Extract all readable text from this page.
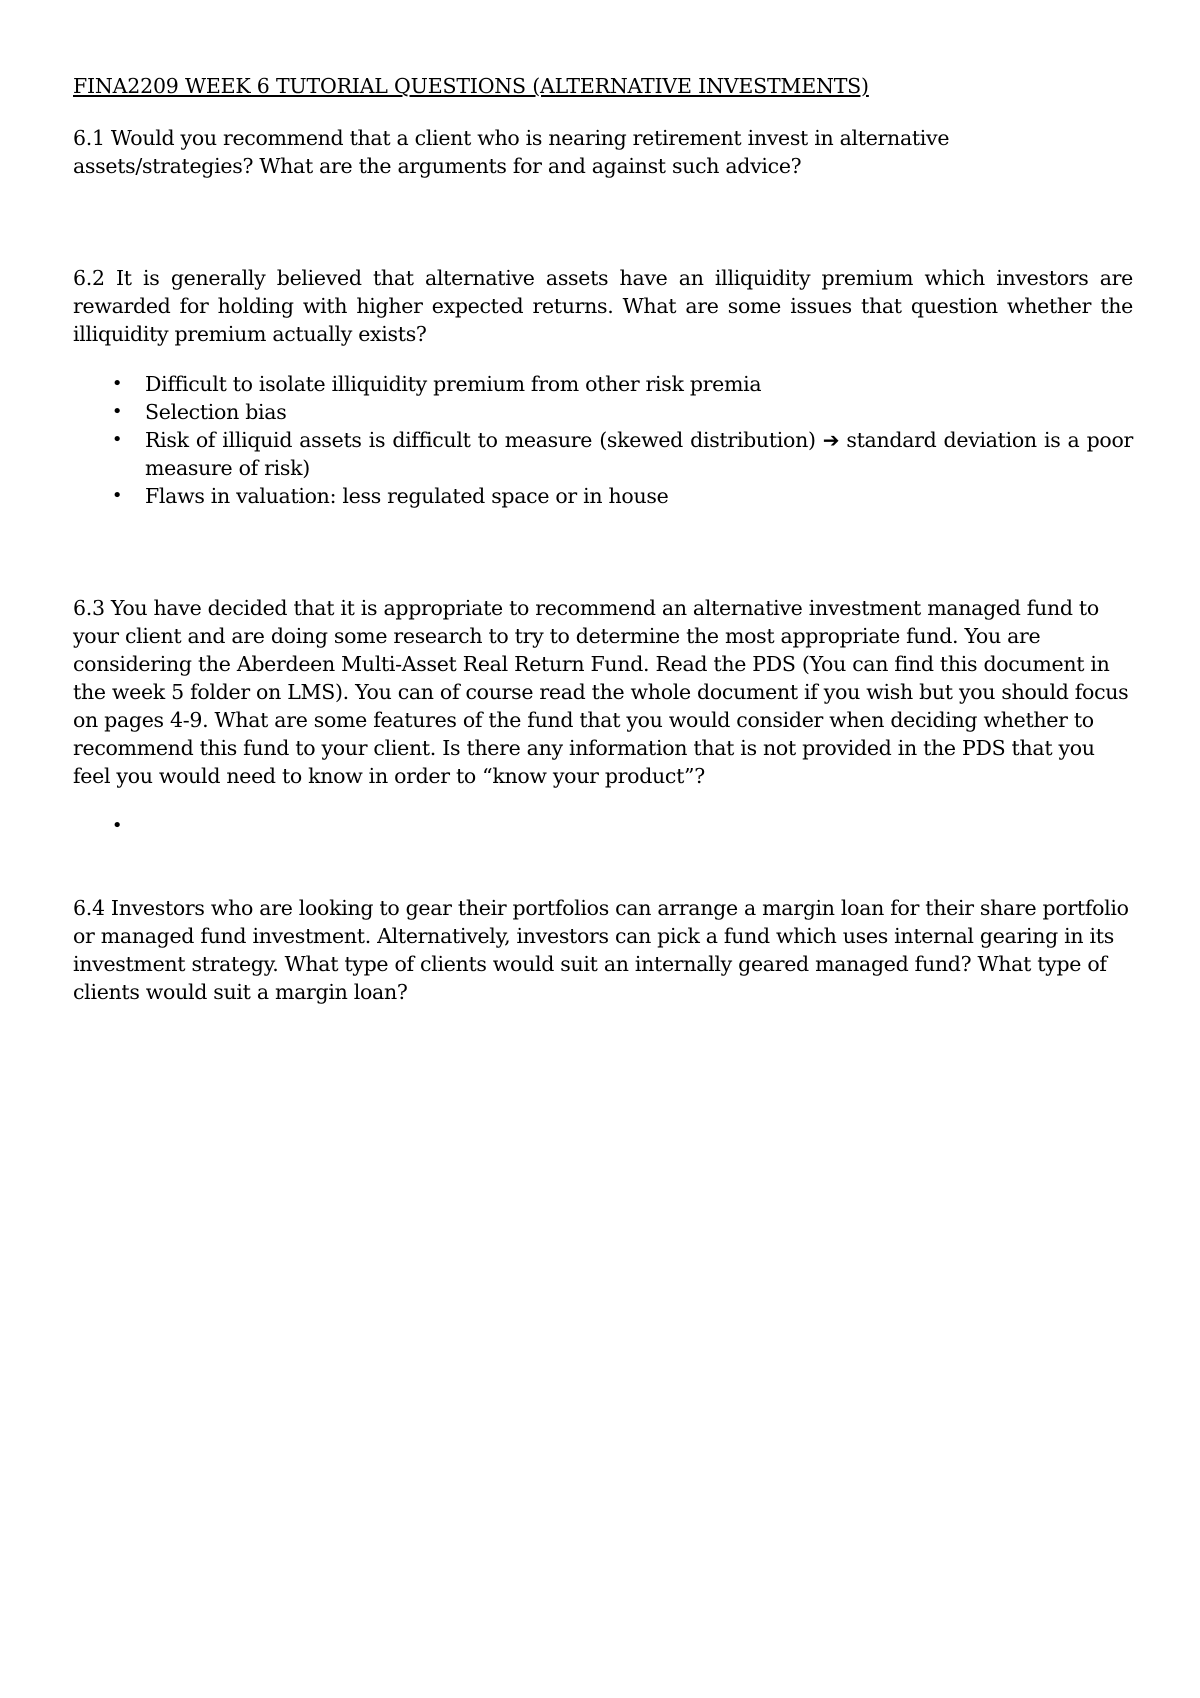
FINA2209 WEEK 6 TUTORIAL QUESTIONS (ALTERNATIVE INVESTMENTS)

6.1 Would you recommend that a client who is nearing retirement invest in alternative assets/strategies? What are the arguments for and against such advice?

6.2 It is generally believed that alternative assets have an illiquidity premium which investors are rewarded for holding with higher expected returns. What are some issues that question whether the illiquidity premium actually exists?

• Difficult to isolate illiquidity premium from other risk premia
• Selection bias
• Risk of illiquid assets is difficult to measure (skewed distribution) ➔ standard deviation is a poor measure of risk)
• Flaws in valuation: less regulated space or in house

6.3 You have decided that it is appropriate to recommend an alternative investment managed fund to your client and are doing some research to try to determine the most appropriate fund. You are considering the Aberdeen Multi-Asset Real Return Fund. Read the PDS (You can find this document in the week 5 folder on LMS). You can of course read the whole document if you wish but you should focus on pages 4-9. What are some features of the fund that you would consider when deciding whether to recommend this fund to your client. Is there any information that is not provided in the PDS that you feel you would need to know in order to “know your product”?

•

6.4 Investors who are looking to gear their portfolios can arrange a margin loan for their share portfolio or managed fund investment. Alternatively, investors can pick a fund which uses internal gearing in its investment strategy. What type of clients would suit an internally geared managed fund? What type of clients would suit a margin loan?
